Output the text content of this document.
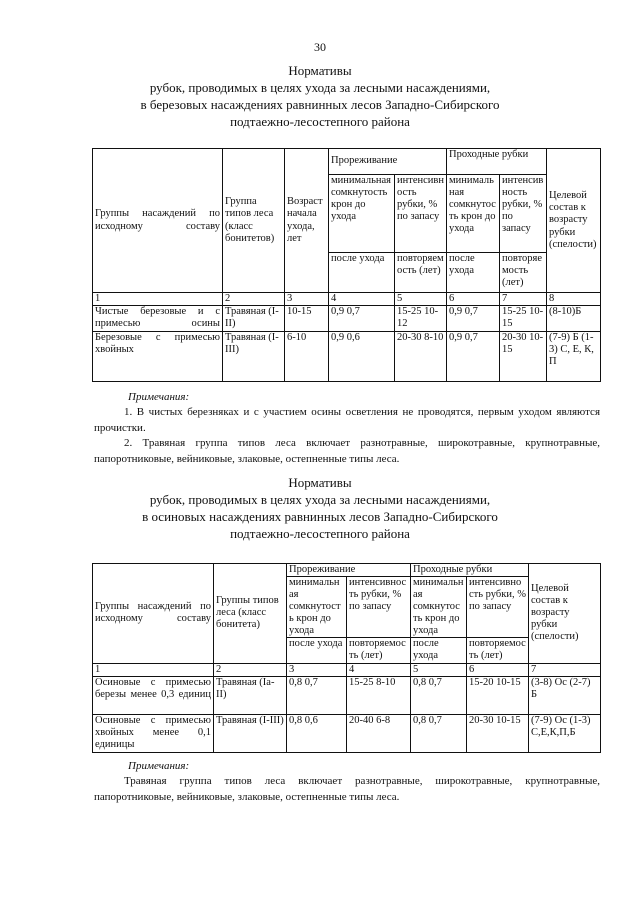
30
Нормативы
рубок, проводимых в целях ухода за лесными насаждениями,
в березовых насаждениях равнинных лесов Западно-Сибирского
подтаежно-лесостепного района
Группы насаждений по исходному составу	Группа типов леса (класс бонитетов)	Возраст начала ухода, лет	Прореживание		Проходные рубки		Целевой состав к возрасту рубки (спелости)
			минимальная сомкнутость крон до ухода	интенсивность рубки, % по запасу	минимальная сомкнутость крон до ухода	интенсивность рубки, % по запасу	
			после ухода	повторяемость (лет)	после ухода	повторяемость (лет)	
1	2	3	4	5	6	7	8
Чистые березовые и с примесью осины	Травяная (I-II)	10-15	0,9 0,7	15-25 10-12	0,9 0,7	15-25 10-15	(8-10)Б
Березовые с примесью хвойных	Травяная (I-III)	6-10	0,9 0,6	20-30 8-10	0,9 0,7	20-30 10-15	(7-9) Б (1-3) С, Е, К, П
Примечания:

1. В чистых березняках и с участием осины осветления не проводятся, первым уходом являются прочистки.

2. Травяная группа типов леса включает разнотравные, широкотравные, крупнотравные, папоротниковые, вейниковые, злаковые, остепненные типы леса.

Нормативы
рубок, проводимых в целях ухода за лесными насаждениями,
в осиновых насаждениях равнинных лесов Западно-Сибирского
подтаежно-лесостепного района
Группы насаждений по исходному составу	Группы типов леса (класс бонитета)	Прореживание		Проходные рубки		Целевой состав к возрасту рубки (спелости)
		минимальная сомкнутость крон до ухода	интенсивность рубки, % по запасу	минимальная сомкнутость крон до ухода	интенсивность рубки, % по запасу	
		после ухода	повторяемость (лет)	после ухода	повторяемость (лет)	
1	2	3	4	5	6	7
Осиновые с примесью березы менее 0,3 единиц	Травяная (Iа-II)	0,8 0,7	15-25 8-10	0,8 0,7	15-20 10-15	(3-8) Ос (2-7) Б
Осиновые с примесью хвойных менее 0,1 единицы	Травяная (I-III)	0,8 0,6	20-40 6-8	0,8 0,7	20-30 10-15	(7-9) Ос (1-3) С,Е,К,П,Б
Примечания:

Травяная группа типов леса включает разнотравные, широкотравные, крупнотравные, папоротниковые, вейниковые, злаковые, остепненные типы леса.
